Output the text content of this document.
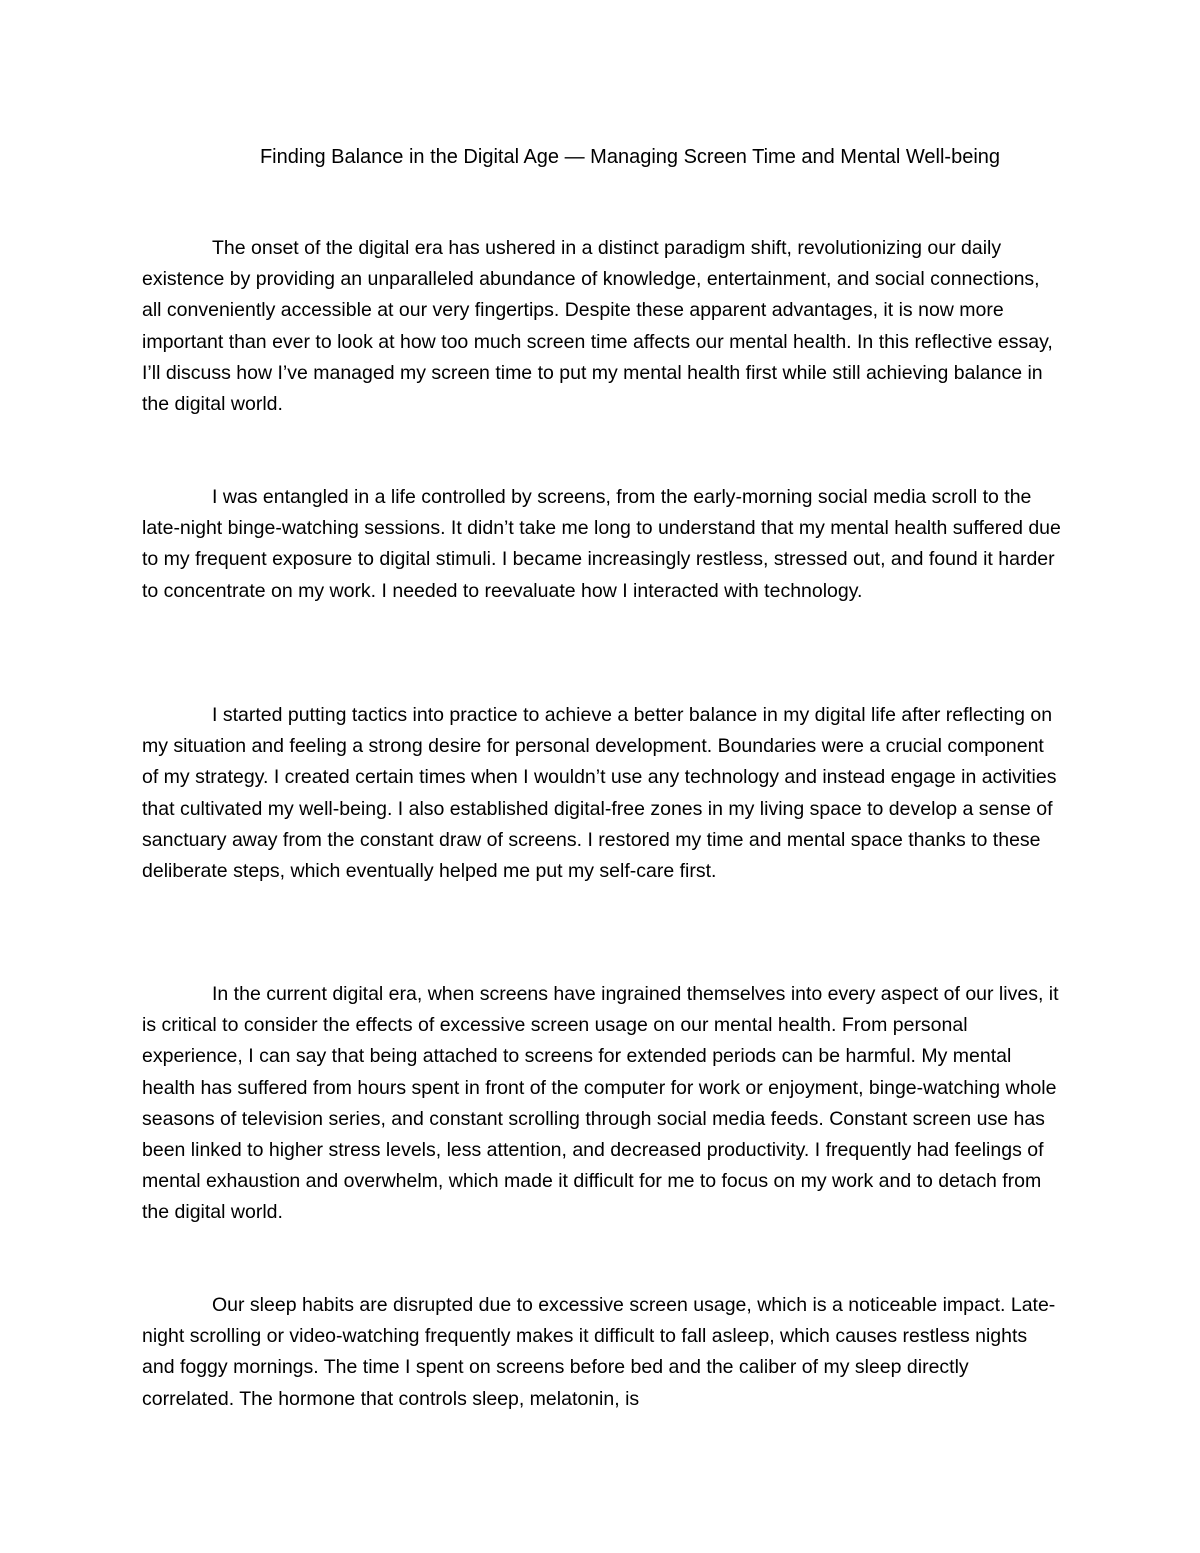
Finding Balance in the Digital Age — Managing Screen Time and Mental Well-being

The onset of the digital era has ushered in a distinct paradigm shift, revolutionizing our daily existence by providing an unparalleled abundance of knowledge, entertainment, and social connections, all conveniently accessible at our very fingertips. Despite these apparent advantages, it is now more important than ever to look at how too much screen time affects our mental health. In this reflective essay, I’ll discuss how I’ve managed my screen time to put my mental health first while still achieving balance in the digital world.

I was entangled in a life controlled by screens, from the early-morning social media scroll to the late-night binge-watching sessions. It didn’t take me long to understand that my mental health suffered due to my frequent exposure to digital stimuli. I became increasingly restless, stressed out, and found it harder to concentrate on my work. I needed to reevaluate how I interacted with technology.

I started putting tactics into practice to achieve a better balance in my digital life after reflecting on my situation and feeling a strong desire for personal development. Boundaries were a crucial component of my strategy. I created certain times when I wouldn’t use any technology and instead engage in activities that cultivated my well-being. I also established digital-free zones in my living space to develop a sense of sanctuary away from the constant draw of screens. I restored my time and mental space thanks to these deliberate steps, which eventually helped me put my self-care first.

In the current digital era, when screens have ingrained themselves into every aspect of our lives, it is critical to consider the effects of excessive screen usage on our mental health. From personal experience, I can say that being attached to screens for extended periods can be harmful. My mental health has suffered from hours spent in front of the computer for work or enjoyment, binge-watching whole seasons of television series, and constant scrolling through social media feeds. Constant screen use has been linked to higher stress levels, less attention, and decreased productivity. I frequently had feelings of mental exhaustion and overwhelm, which made it difficult for me to focus on my work and to detach from the digital world.

Our sleep habits are disrupted due to excessive screen usage, which is a noticeable impact. Late-night scrolling or video-watching frequently makes it difficult to fall asleep, which causes restless nights and foggy mornings. The time I spent on screens before bed and the caliber of my sleep directly correlated. The hormone that controls sleep, melatonin, is
